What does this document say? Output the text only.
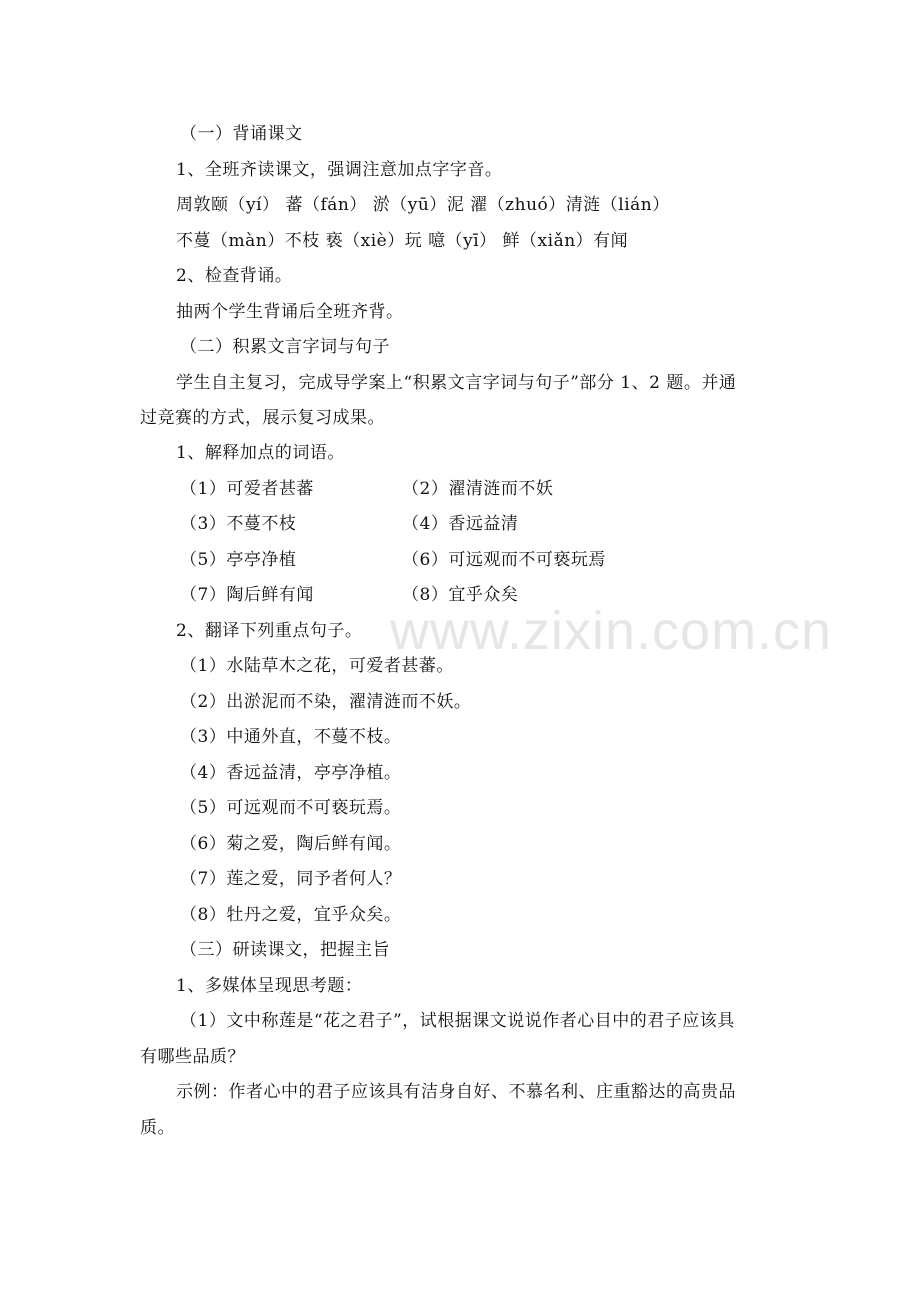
www.zixin.com.cn
（一）背诵课文
1、全班齐读课文，强调注意加点字字音。
周敦颐（yí） 蕃（fán） 淤（yū）泥 濯（zhuó）清涟（lián）
不蔓（màn）不枝 亵（xiè）玩 噫（yī） 鲜（xiǎn）有闻
2、检查背诵。
抽两个学生背诵后全班齐背。
（二）积累文言字词与句子
学生自主复习，完成导学案上“积累文言字词与句子”部分 1、2 题。并通
过竞赛的方式，展示复习成果。
1、解释加点的词语。
（1）可爱者甚蕃	（2）濯清涟而不妖
（3）不蔓不枝	（4）香远益清
（5）亭亭净植	（6）可远观而不可亵玩焉
（7）陶后鲜有闻	（8）宜乎众矣
2、翻译下列重点句子。
（1）水陆草木之花，可爱者甚蕃。
（2）出淤泥而不染，濯清涟而不妖。
（3）中通外直，不蔓不枝。
（4）香远益清，亭亭净植。
（5）可远观而不可亵玩焉。
（6）菊之爱，陶后鲜有闻。
（7）莲之爱，同予者何人？
（8）牡丹之爱，宜乎众矣。
（三）研读课文，把握主旨
1、多媒体呈现思考题：
（1）文中称莲是“花之君子”，试根据课文说说作者心目中的君子应该具
有哪些品质？
示例：作者心中的君子应该具有洁身自好、不慕名利、庄重豁达的高贵品
质。
